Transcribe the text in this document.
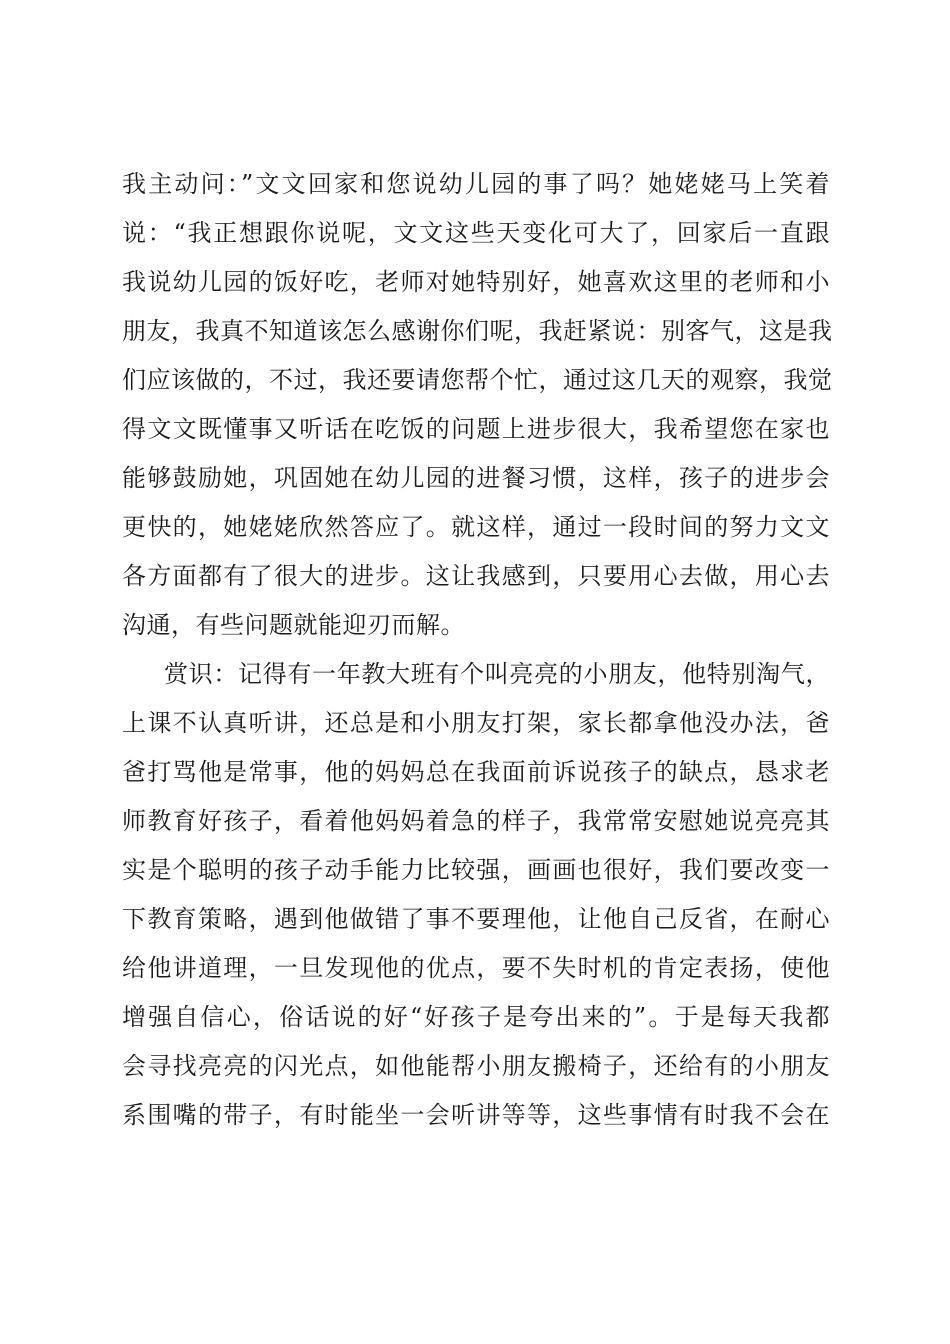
我主动问：”文文回家和您说幼儿园的事了吗？她姥姥马上笑着
说：“我正想跟你说呢，文文这些天变化可大了，回家后一直跟
我说幼儿园的饭好吃，老师对她特别好，她喜欢这里的老师和小
朋友，我真不知道该怎么感谢你们呢，我赶紧说：别客气，这是我
们应该做的，不过，我还要请您帮个忙，通过这几天的观察，我觉
得文文既懂事又听话在吃饭的问题上进步很大，我希望您在家也
能够鼓励她，巩固她在幼儿园的进餐习惯，这样，孩子的进步会
更快的，她姥姥欣然答应了。就这样，通过一段时间的努力文文
各方面都有了很大的进步。这让我感到，只要用心去做，用心去
沟通，有些问题就能迎刃而解。
赏识：记得有一年教大班有个叫亮亮的小朋友，他特别淘气，
上课不认真听讲，还总是和小朋友打架，家长都拿他没办法，爸
爸打骂他是常事，他的妈妈总在我面前诉说孩子的缺点，恳求老
师教育好孩子，看着他妈妈着急的样子，我常常安慰她说亮亮其
实是个聪明的孩子动手能力比较强，画画也很好，我们要改变一
下教育策略，遇到他做错了事不要理他，让他自己反省，在耐心
给他讲道理，一旦发现他的优点，要不失时机的肯定表扬，使他
增强自信心，俗话说的好“好孩子是夸出来的”。于是每天我都
会寻找亮亮的闪光点，如他能帮小朋友搬椅子，还给有的小朋友
系围嘴的带子，有时能坐一会听讲等等，这些事情有时我不会在
